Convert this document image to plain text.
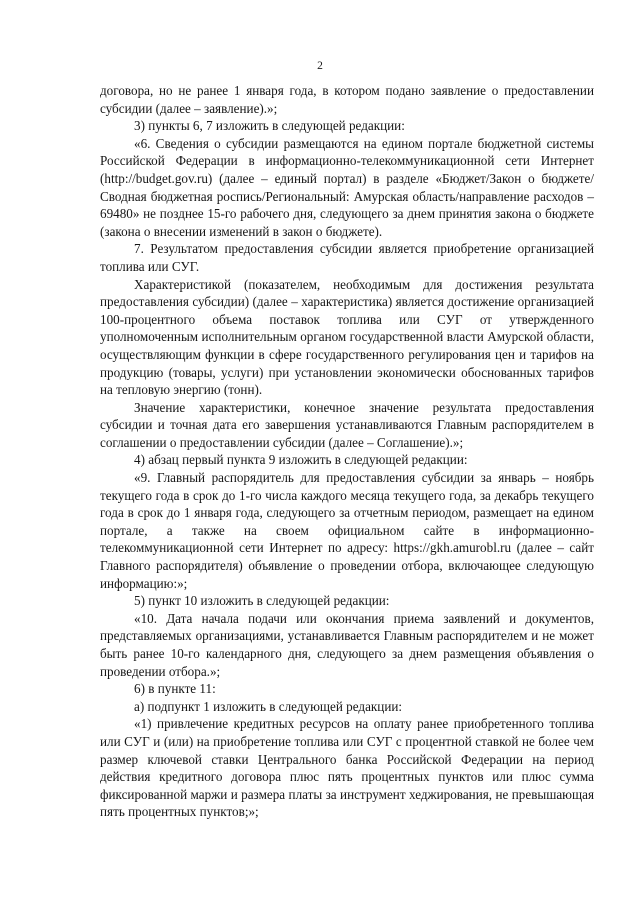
2

договора, но не ранее 1 января года, в котором подано заявление о предоставлении субсидии (далее – заявление).»;

3) пункты 6, 7 изложить в следующей редакции:

«6. Сведения о субсидии размещаются на едином портале бюджетной системы Российской Федерации в информационно-телекоммуникационной сети Интернет (http://budget.gov.ru) (далее – единый портал) в разделе «Бюджет/Закон о бюджете/Сводная бюджетная роспись/Региональный: Амурская область/направление расходов – 69480» не позднее 15-го рабочего дня, следующего за днем принятия закона о бюджете (закона о внесении изменений в закон о бюджете).

7. Результатом предоставления субсидии является приобретение организацией топлива или СУГ.

Характеристикой (показателем, необходимым для достижения результата предоставления субсидии) (далее – характеристика) является достижение организацией 100-процентного объема поставок топлива или СУГ от утвержденного уполномоченным исполнительным органом государственной власти Амурской области, осуществляющим функции в сфере государственного регулирования цен и тарифов на продукцию (товары, услуги) при установлении экономически обоснованных тарифов на тепловую энергию (тонн).

Значение характеристики, конечное значение результата предоставления субсидии и точная дата его завершения устанавливаются Главным распорядителем в соглашении о предоставлении субсидии (далее – Соглашение).»;

4) абзац первый пункта 9 изложить в следующей редакции:

«9. Главный распорядитель для предоставления субсидии за январь – ноябрь текущего года в срок до 1-го числа каждого месяца текущего года, за декабрь текущего года в срок до 1 января года, следующего за отчетным периодом, размещает на едином портале, а также на своем официальном сайте в информационно-телекоммуникационной сети Интернет по адресу: https://gkh.amurobl.ru (далее – сайт Главного распорядителя) объявление о проведении отбора, включающее следующую информацию:»;

5) пункт 10 изложить в следующей редакции:

«10. Дата начала подачи или окончания приема заявлений и документов, представляемых организациями, устанавливается Главным распорядителем и не может быть ранее 10-го календарного дня, следующего за днем размещения объявления о проведении отбора.»;

6) в пункте 11:

а) подпункт 1 изложить в следующей редакции:

«1) привлечение кредитных ресурсов на оплату ранее приобретенного топлива или СУГ и (или) на приобретение топлива или СУГ с процентной ставкой не более чем размер ключевой ставки Центрального банка Российской Федерации на период действия кредитного договора плюс пять процентных пунктов или плюс сумма фиксированной маржи и размера платы за инструмент хеджирования, не превышающая пять процентных пунктов;»;
